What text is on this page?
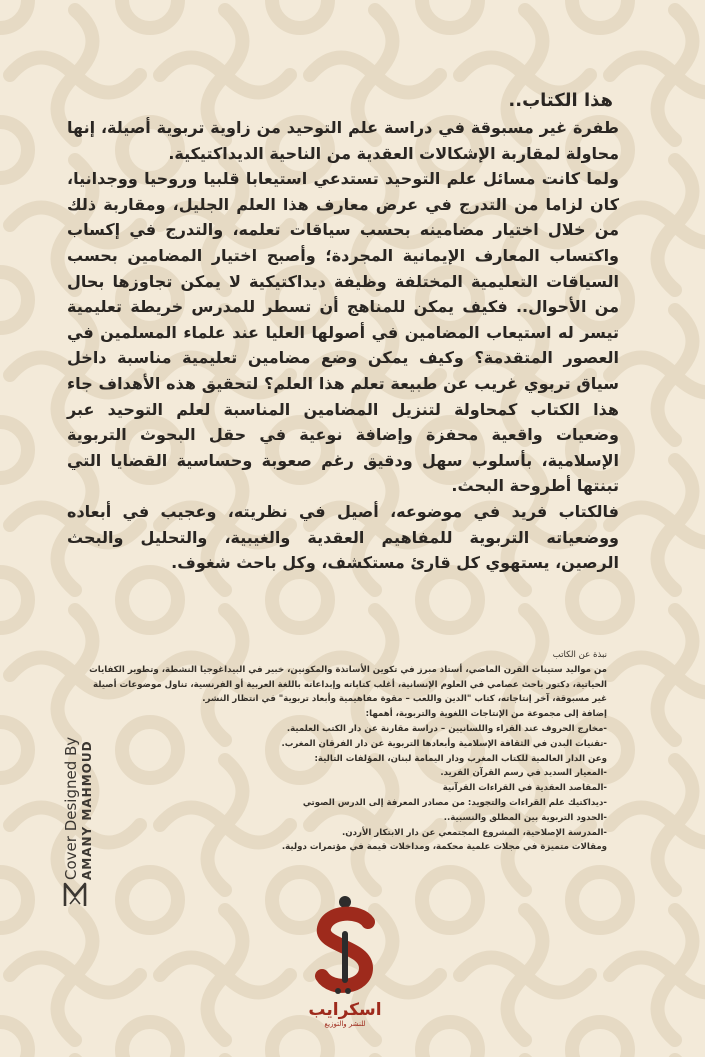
هذا الكتاب..

طفرة غير مسبوقة في دراسة علم التوحيد من زاوية تربوية أصيلة، إنها محاولة لمقاربة الإشكالات العقدية من الناحية الديداكتيكية.

ولما كانت مسائل علم التوحيد تستدعي استيعابا قلبيا وروحيا ووجدانيا، كان لزاما من التدرج في عرض معارف هذا العلم الجليل، ومقاربة ذلك من خلال اختيار مضامينه بحسب سياقات تعلمه، والتدرج في إكساب واكتساب المعارف الإيمانية المجردة؛ وأصبح اختيار المضامين بحسب السياقات التعليمية المختلفة وظيفة ديداكتيكية لا يمكن تجاوزها بحال من الأحوال.. فكيف يمكن للمناهج أن تسطر للمدرس خريطة تعليمية تيسر له استيعاب المضامين في أصولها العليا عند علماء المسلمين في العصور المتقدمة؟ وكيف يمكن وضع مضامين تعليمية مناسبة داخل سياق تربوي غريب عن طبيعة تعلم هذا العلم؟ لتحقيق هذه الأهداف جاء هذا الكتاب كمحاولة لتنزيل المضامين المناسبة لعلم التوحيد عبر وضعيات واقعية محفزة وإضافة نوعية في حقل البحوث التربوية الإسلامية، بأسلوب سهل ودقيق رغم صعوبة وحساسية القضايا التي تبنتها أطروحة البحث.

فالكتاب فريد في موضوعه، أصيل في نظريته، وعجيب في أبعاده ووضعياته التربوية للمفاهيم العقدية والغيبية، والتحليل والبحث الرصين، يستهوي كل قارئ مستكشف، وكل باحث شغوف.

نبذة عن الكاتب

من مواليد ستينات القرن الماضي، أستاذ مبرز في تكوين الأساتذة والمكونين، خبير في البيداغوجيا النشطة، وتطوير الكفايات الحياتية، دكتور باحث عصامي في العلوم الإنسانية، أغلب كتاباته وإبداعاته باللغة العربية أو الفرنسية، تناول موضوعات أصيلة غير مسبوقة، آخر إنتاجاته، كتاب "الدين واللعب – مقوة مفاهيمية وأبعاد تربوية" في انتظار النشر.

إضافة إلى مجموعة من الإنتاجات اللغوية والتربوية، أهمها:

-مخارج الحروف عند القراء واللسانيين – دراسة مقارنة عن دار الكتب العلمية.

-تقنيات البدن في الثقافة الإسلامية وأبعادها التربوية عن دار الفرقان المغرب.

وعن الدار العالمية للكتاب المغرب ودار اليمامة لبنان، المؤلفات التالية:

-المعيار السديد في رسم القرآن الفريد.

-المقاصد العقدية في القراءات القرآنية

-ديداكتيك علم القراءات والتجويد: من مصادر المعرفة إلى الدرس الصوتي

-الحدود التربوية بين المطلق والنسبية..

-المدرسة الإصلاحية، المشروع المجتمعي عن دار الابتكار الأردن.

ومقالات متميزة في مجلات علمية محكمة، ومداخلات قيمة في مؤتمرات دولية.

Cover Designed By AMANY MAHMOUD
اسكرايب
للنشر والتوزيع
